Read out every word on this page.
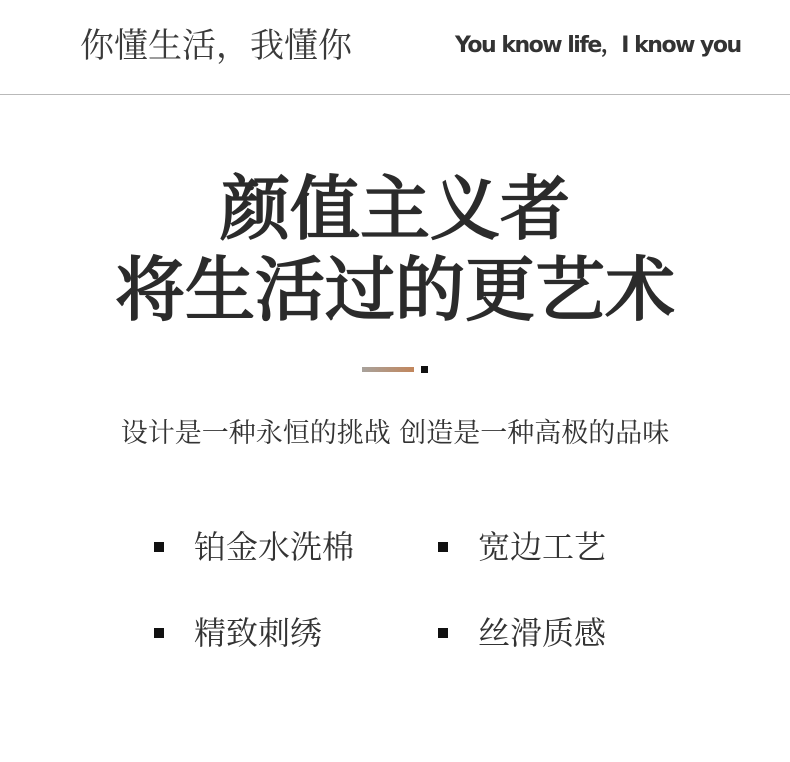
你懂生活，我懂你	You know life，I know you
颜值主义者
将生活过的更艺术
设计是一种永恒的挑战 创造是一种高极的品味
铂金水洗棉	宽边工艺
精致刺绣	丝滑质感
